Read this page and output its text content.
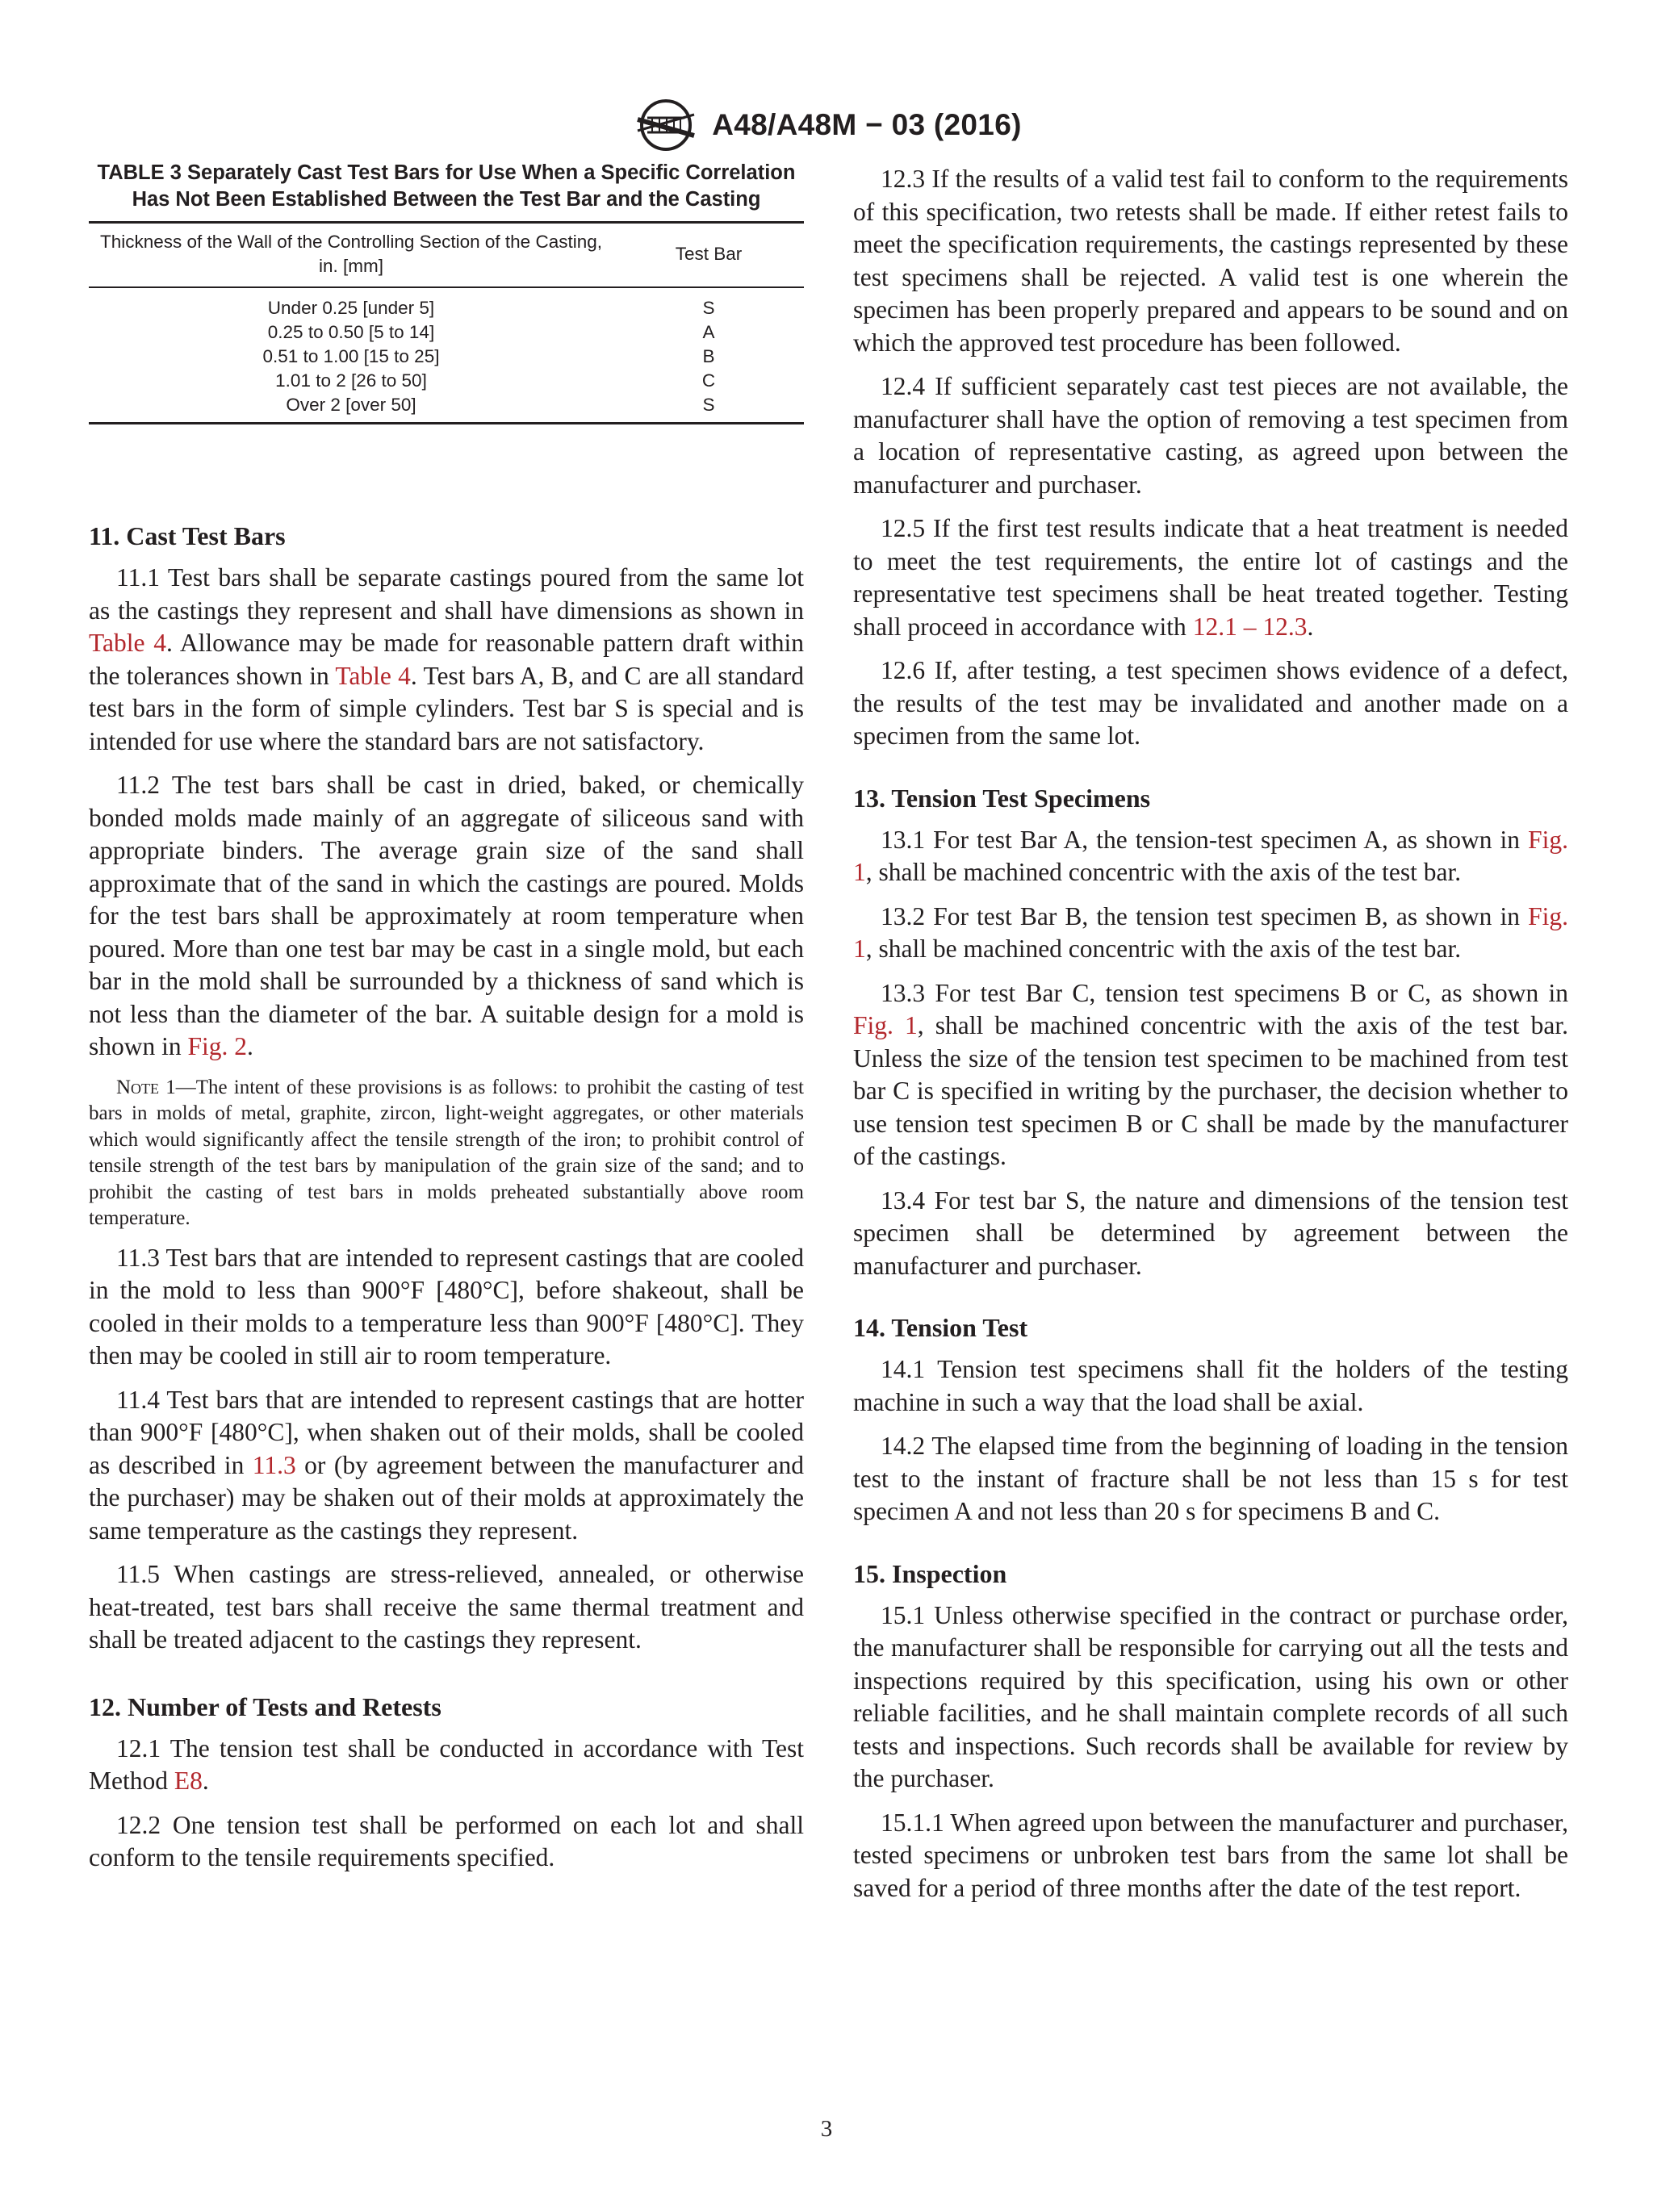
A48/A48M − 03 (2016)
TABLE 3 Separately Cast Test Bars for Use When a Specific Correlation Has Not Been Established Between the Test Bar and the Casting
Thickness of the Wall of the Controlling Section of the Casting, in. [mm]	Test Bar
Under 0.25 [under 5]	S
0.25 to 0.50 [5 to 14]	A
0.51 to 1.00 [15 to 25]	B
1.01 to 2 [26 to 50]	C
Over 2 [over 50]	S
11. Cast Test Bars

11.1 Test bars shall be separate castings poured from the same lot as the castings they represent and shall have dimensions as shown in Table 4. Allowance may be made for reasonable pattern draft within the tolerances shown in Table 4. Test bars A, B, and C are all standard test bars in the form of simple cylinders. Test bar S is special and is intended for use where the standard bars are not satisfactory.

11.2 The test bars shall be cast in dried, baked, or chemically bonded molds made mainly of an aggregate of siliceous sand with appropriate binders. The average grain size of the sand shall approximate that of the sand in which the castings are poured. Molds for the test bars shall be approximately at room temperature when poured. More than one test bar may be cast in a single mold, but each bar in the mold shall be surrounded by a thickness of sand which is not less than the diameter of the bar. A suitable design for a mold is shown in Fig. 2.

Note 1—The intent of these provisions is as follows: to prohibit the casting of test bars in molds of metal, graphite, zircon, light-weight aggregates, or other materials which would significantly affect the tensile strength of the iron; to prohibit control of tensile strength of the test bars by manipulation of the grain size of the sand; and to prohibit the casting of test bars in molds preheated substantially above room temperature.

11.3 Test bars that are intended to represent castings that are cooled in the mold to less than 900°F [480°C], before shakeout, shall be cooled in their molds to a temperature less than 900°F [480°C]. They then may be cooled in still air to room temperature.

11.4 Test bars that are intended to represent castings that are hotter than 900°F [480°C], when shaken out of their molds, shall be cooled as described in 11.3 or (by agreement between the manufacturer and the purchaser) may be shaken out of their molds at approximately the same temperature as the castings they represent.

11.5 When castings are stress-relieved, annealed, or otherwise heat-treated, test bars shall receive the same thermal treatment and shall be treated adjacent to the castings they represent.

12. Number of Tests and Retests

12.1 The tension test shall be conducted in accordance with Test Method E8.

12.2 One tension test shall be performed on each lot and shall conform to the tensile requirements specified.

12.3 If the results of a valid test fail to conform to the requirements of this specification, two retests shall be made. If either retest fails to meet the specification requirements, the castings represented by these test specimens shall be rejected. A valid test is one wherein the specimen has been properly prepared and appears to be sound and on which the approved test procedure has been followed.

12.4 If sufficient separately cast test pieces are not available, the manufacturer shall have the option of removing a test specimen from a location of representative casting, as agreed upon between the manufacturer and purchaser.

12.5 If the first test results indicate that a heat treatment is needed to meet the test requirements, the entire lot of castings and the representative test specimens shall be heat treated together. Testing shall proceed in accordance with 12.1 – 12.3.

12.6 If, after testing, a test specimen shows evidence of a defect, the results of the test may be invalidated and another made on a specimen from the same lot.

13. Tension Test Specimens

13.1 For test Bar A, the tension-test specimen A, as shown in Fig. 1, shall be machined concentric with the axis of the test bar.

13.2 For test Bar B, the tension test specimen B, as shown in Fig. 1, shall be machined concentric with the axis of the test bar.

13.3 For test Bar C, tension test specimens B or C, as shown in Fig. 1, shall be machined concentric with the axis of the test bar. Unless the size of the tension test specimen to be machined from test bar C is specified in writing by the purchaser, the decision whether to use tension test specimen B or C shall be made by the manufacturer of the castings.

13.4 For test bar S, the nature and dimensions of the tension test specimen shall be determined by agreement between the manufacturer and purchaser.

14. Tension Test

14.1 Tension test specimens shall fit the holders of the testing machine in such a way that the load shall be axial.

14.2 The elapsed time from the beginning of loading in the tension test to the instant of fracture shall be not less than 15 s for test specimen A and not less than 20 s for specimens B and C.

15. Inspection

15.1 Unless otherwise specified in the contract or purchase order, the manufacturer shall be responsible for carrying out all the tests and inspections required by this specification, using his own or other reliable facilities, and he shall maintain complete records of all such tests and inspections. Such records shall be available for review by the purchaser.

15.1.1 When agreed upon between the manufacturer and purchaser, tested specimens or unbroken test bars from the same lot shall be saved for a period of three months after the date of the test report.

3
